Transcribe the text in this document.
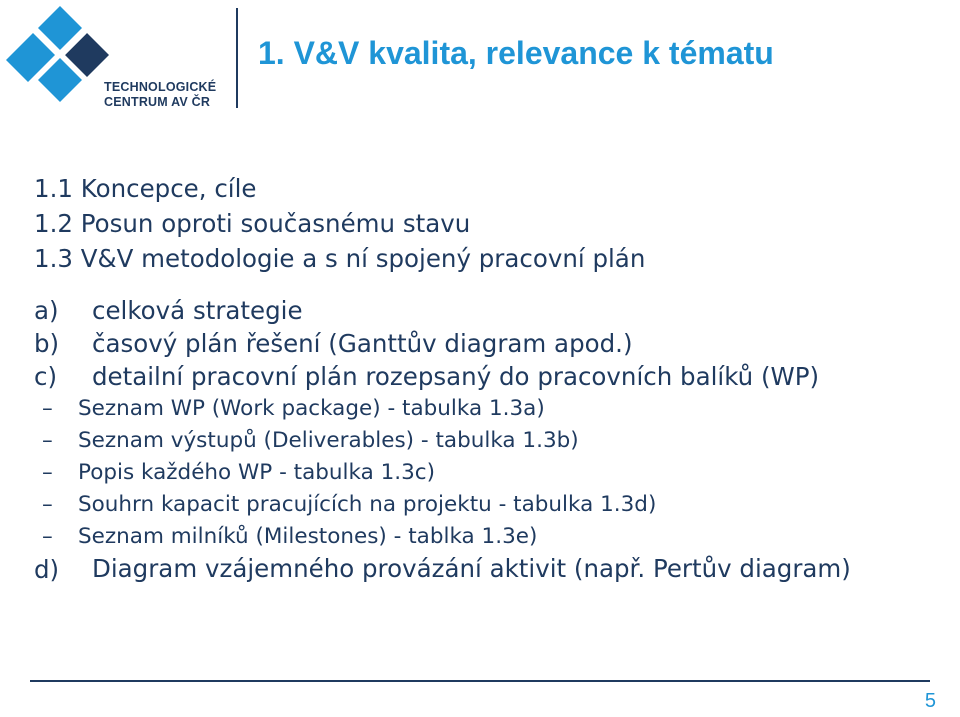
TECHNOLOGICKÉ
CENTRUM AV ČR
1. V&V kvalita, relevance k tématu
1.1 Koncepce, cíle
1.2 Posun oproti současnému stavu
1.3 V&V metodologie a s ní spojený pracovní plán
a) celková strategie
b) časový plán řešení (Ganttův diagram apod.)
c) detailní pracovní plán rozepsaný do pracovních balíků (WP)
– Seznam WP (Work package) - tabulka 1.3a)
– Seznam výstupů (Deliverables) - tabulka 1.3b)
– Popis každého WP - tabulka 1.3c)
– Souhrn kapacit pracujících na projektu - tabulka 1.3d)
– Seznam milníků (Milestones) - tablka 1.3e)
d) Diagram vzájemného provázání aktivit (např. Pertův diagram)
5
